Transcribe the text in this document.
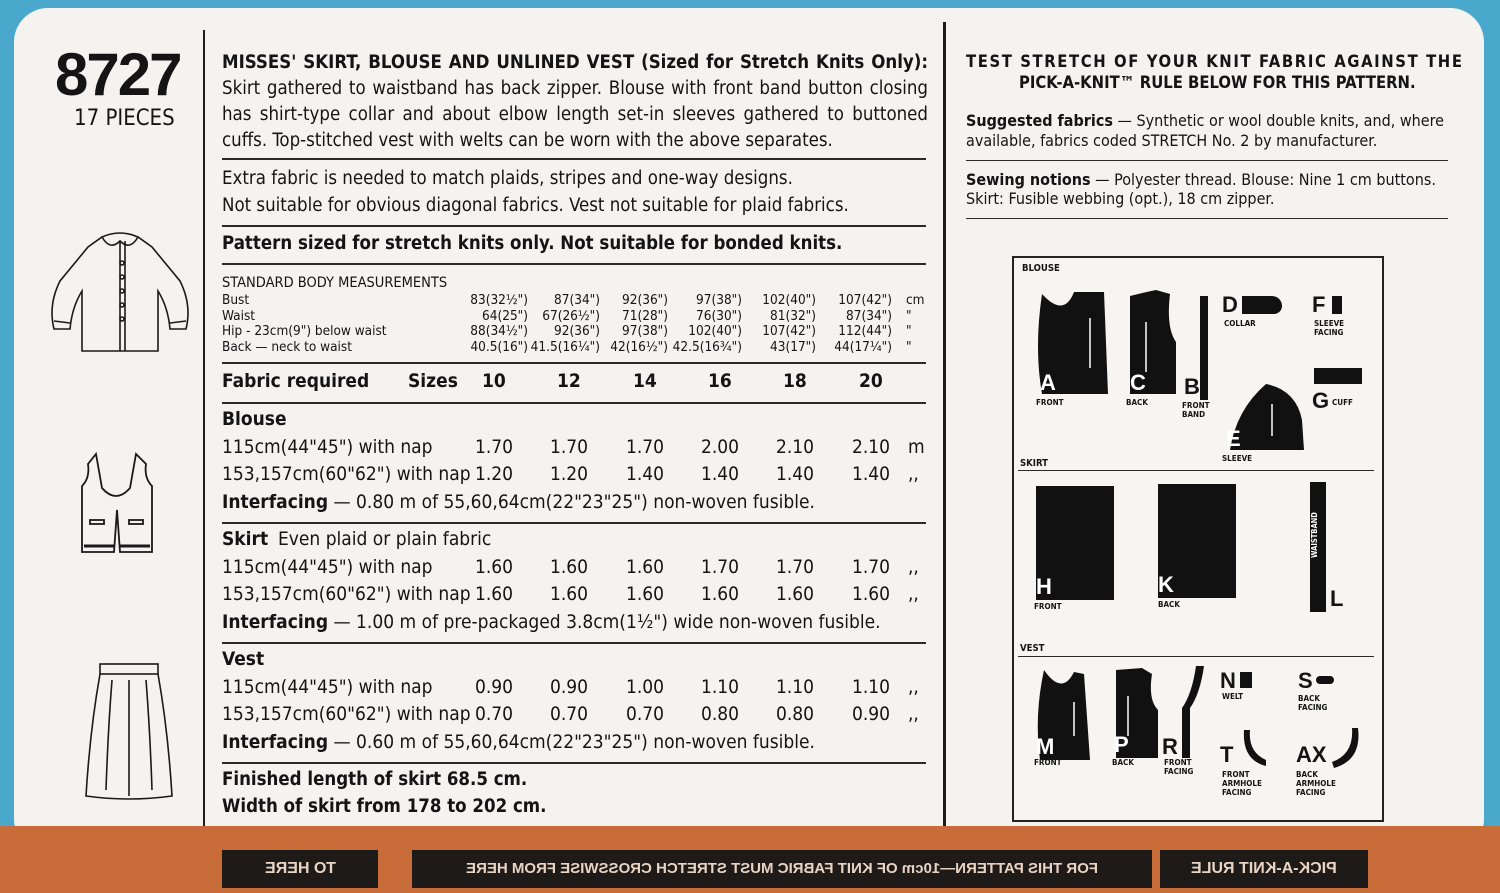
8727
17 PIECES
MISSES' SKIRT, BLOUSE AND UNLINED VEST (Sized for Stretch Knits Only): Skirt gathered to waistband has back zipper. Blouse with front band button closing has shirt-type collar and about elbow length set-in sleeves gathered to buttoned cuffs. Top-stitched vest with welts can be worn with the above separates.
Extra fabric is needed to match plaids, stripes and one-way designs.
Not suitable for obvious diagonal fabrics. Vest not suitable for plaid fabrics.
Pattern sized for stretch knits only. Not suitable for bonded knits.
STANDARD BODY MEASUREMENTS
Bust	83(32½") 87(34") 92(36") 97(38") 102(40") 107(42") cm
Waist	64(25") 67(26½") 71(28") 76(30") 81(32") 87(34") "
Hip - 23cm(9") below waist	88(34½") 92(36") 97(38") 102(40") 107(42") 112(44") "
Back — neck to waist	40.5(16") 41.5(16¼") 42(16½") 42.5(16¾") 43(17") 44(17¼") "
Fabric required Sizes 10	12	14	16	18	20
Blouse
115cm(44"45") with nap 1.70 1.70 1.70 2.00 2.10 2.10 m
153,157cm(60"62") with nap 1.20 1.20 1.40 1.40 1.40 1.40 ,,
Interfacing — 0.80 m of 55,60,64cm(22"23"25") non-woven fusible.
Skirt Even plaid or plain fabric
115cm(44"45") with nap 1.60 1.60 1.60 1.70 1.70 1.70 ,,
153,157cm(60"62") with nap 1.60 1.60 1.60 1.60 1.60 1.60 ,,
Interfacing — 1.00 m of pre-packaged 3.8cm(1½") wide non-woven fusible.
Vest
115cm(44"45") with nap 0.90 0.90 1.00 1.10 1.10 1.10 ,,
153,157cm(60"62") with nap 0.70 0.70 0.70 0.80 0.80 0.90 ,,
Interfacing — 0.60 m of 55,60,64cm(22"23"25") non-woven fusible.
Finished length of skirt 68.5 cm.
Width of skirt from 178 to 202 cm.
TEST STRETCH OF YOUR KNIT FABRIC AGAINST THE
PICK-A-KNIT™ RULE BELOW FOR THIS PATTERN.
Suggested fabrics — Synthetic or wool double knits, and, where
available, fabrics coded STRETCH No. 2 by manufacturer.
Sewing notions — Polyester thread. Blouse: Nine 1 cm buttons.
Skirt: Fusible webbing (opt.), 18 cm zipper.
BLOUSE
SKIRT
VEST
A
FRONT
C
BACK
B
FRONT BAND
D
COLLAR
F
SLEEVE FACING
G CUFF
E
SLEEVE
H
FRONT
K
BACK
WAISTBAND
L
M
FRONT
P
BACK
R
FRONT FACING
N
WELT
S
BACK FACING
T
FRONT ARMHOLE FACING
AX
BACK ARMHOLE FACING
TO HERE	FOR THIS PATTERN—10cm OF KNIT FABRIC MUST STRETCH CROSSWISE FROM HERE	PICK-A-KNIT RULE
